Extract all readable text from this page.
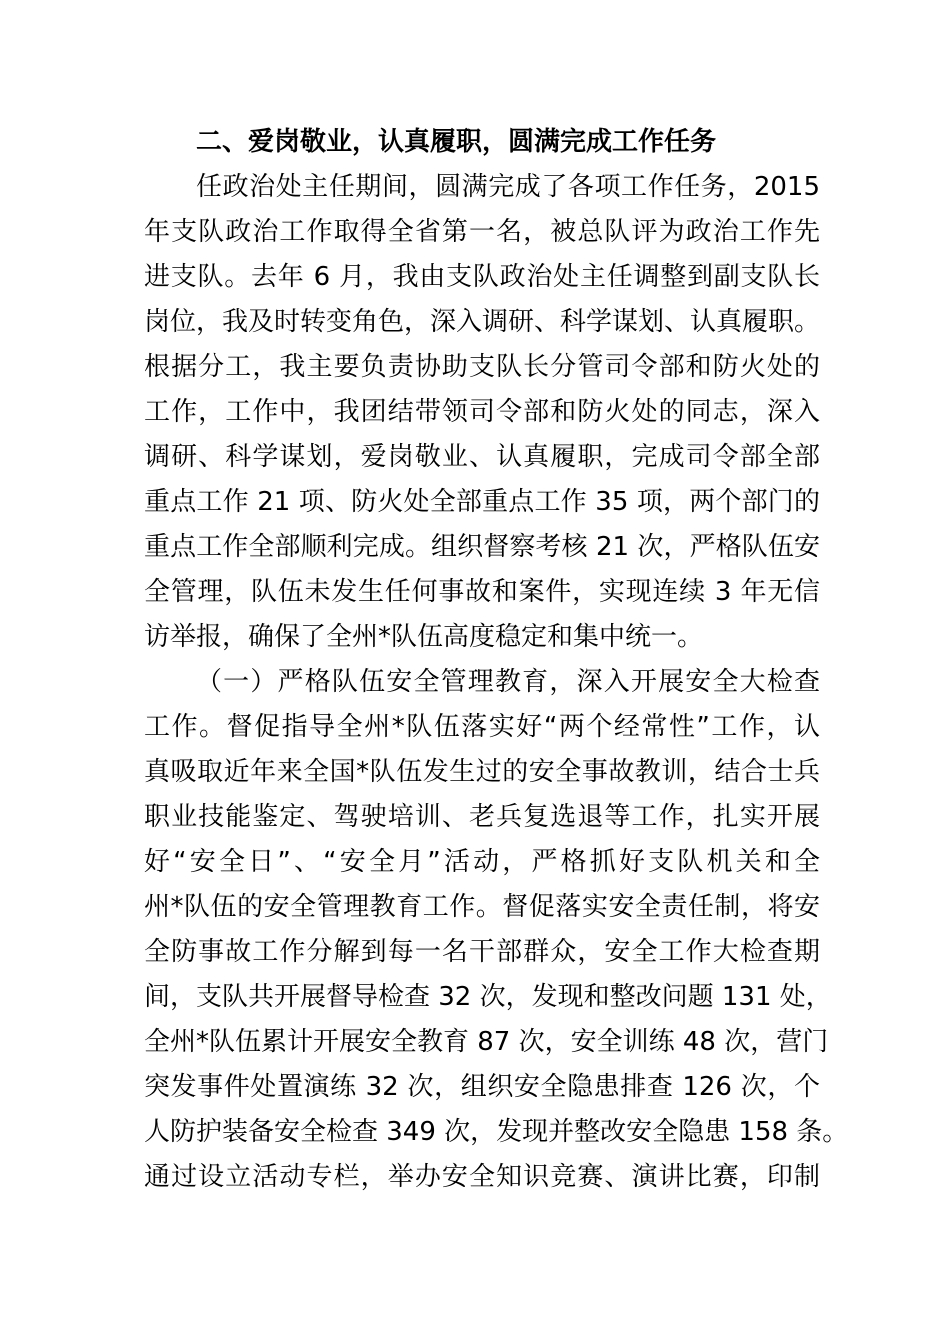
二、爱岗敬业，认真履职，圆满完成工作任务
任政治处主任期间，圆满完成了各项工作任务，2015
年支队政治工作取得全省第一名，被总队评为政治工作先
进支队。去年 6 月，我由支队政治处主任调整到副支队长
岗位，我及时转变角色，深入调研、科学谋划、认真履职。
根据分工，我主要负责协助支队长分管司令部和防火处的
工作，工作中，我团结带领司令部和防火处的同志，深入
调研、科学谋划，爱岗敬业、认真履职，完成司令部全部
重点工作 21 项、防火处全部重点工作 35 项，两个部门的
重点工作全部顺利完成。组织督察考核 21 次，严格队伍安
全管理，队伍未发生任何事故和案件，实现连续 3 年无信
访举报，确保了全州*队伍高度稳定和集中统一。
（一）严格队伍安全管理教育，深入开展安全大检查
工作。督促指导全州*队伍落实好“两个经常性”工作，认
真吸取近年来全国*队伍发生过的安全事故教训，结合士兵
职业技能鉴定、驾驶培训、老兵复选退等工作，扎实开展
好“安全日”、“安全月”活动，严格抓好支队机关和全
州*队伍的安全管理教育工作。督促落实安全责任制，将安
全防事故工作分解到每一名干部群众，安全工作大检查期
间，支队共开展督导检查 32 次，发现和整改问题 131 处，
全州*队伍累计开展安全教育 87 次，安全训练 48 次，营门
突发事件处置演练 32 次，组织安全隐患排查 126 次，个
人防护装备安全检查 349 次，发现并整改安全隐患 158 条。
通过设立活动专栏，举办安全知识竞赛、演讲比赛，印制
